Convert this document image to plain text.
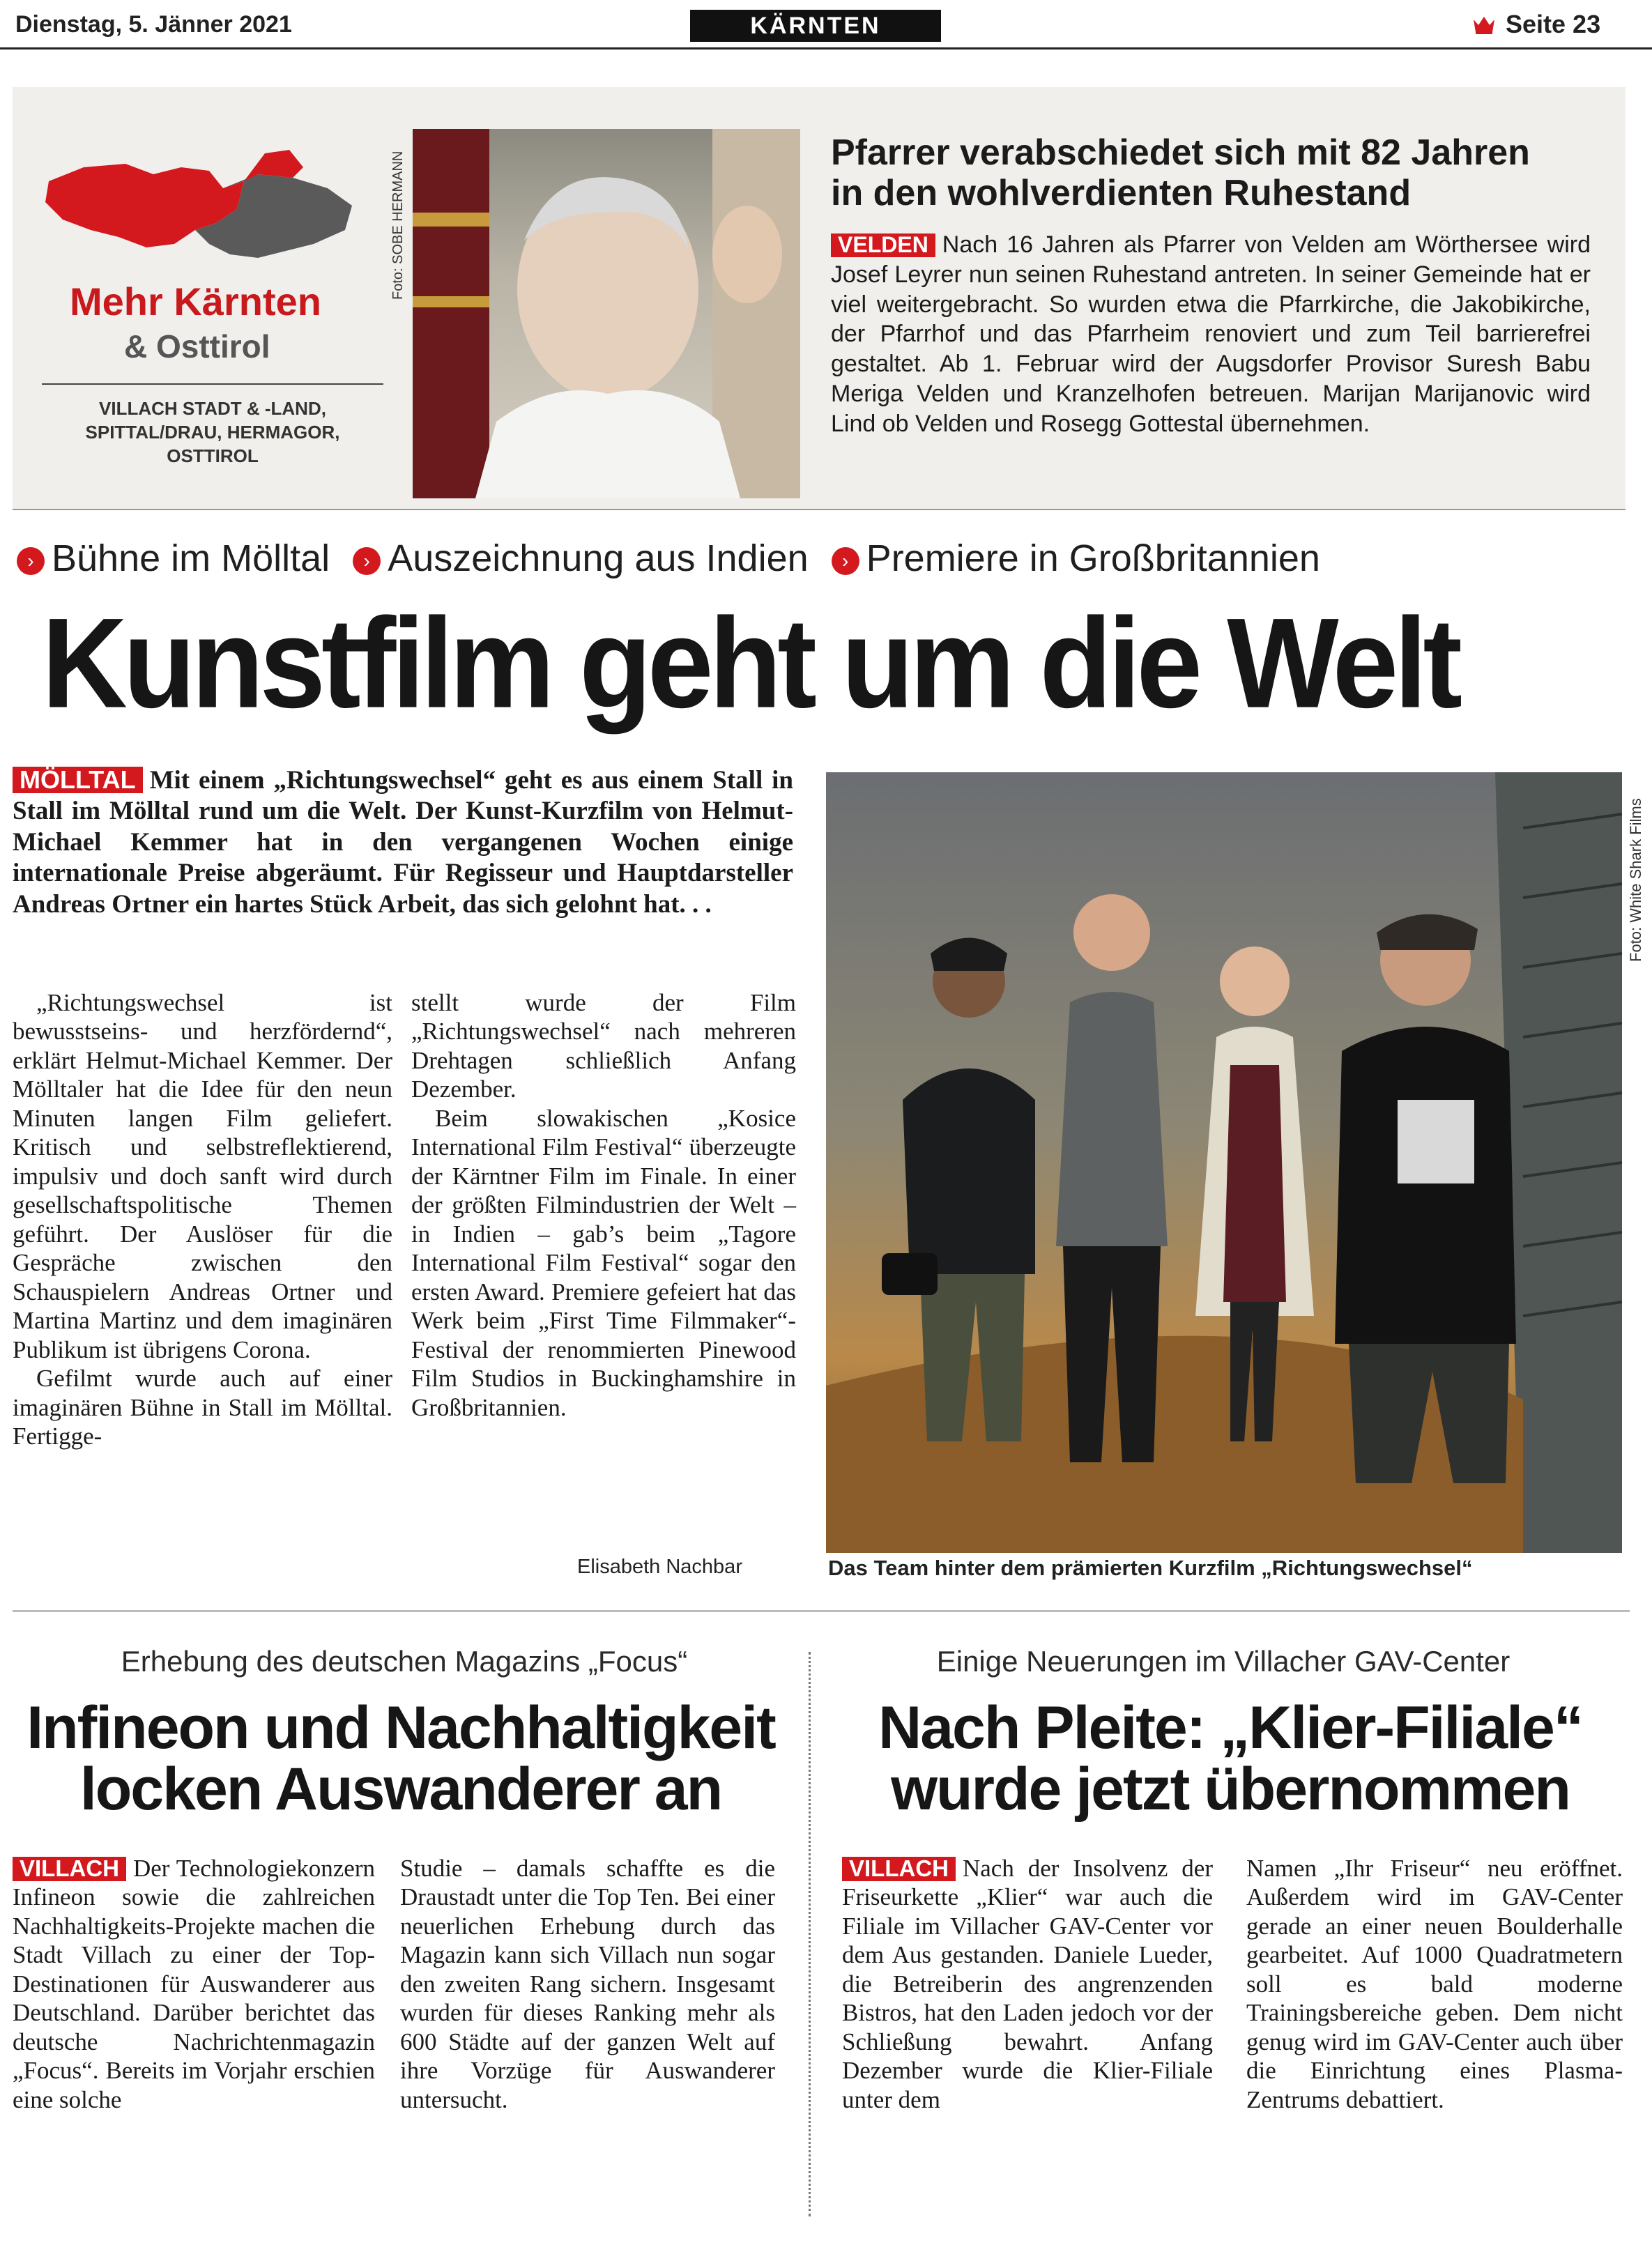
Dienstag, 5. Jänner 2021	KÄRNTEN	Seite 23
Mehr Kärnten
& Osttirol
VILLACH STADT & -LAND, SPITTAL/DRAU, HERMAGOR, OSTTIROL
Foto: SOBE HERMANN	Pfarrer verabschiedet sich mit 82 Jahren in den wohlverdienten Ruhestand
VELDEN Nach 16 Jahren als Pfarrer von Velden am Wörthersee wird Josef Leyrer nun seinen Ruhestand antreten. In seiner Gemeinde hat er viel weitergebracht. So wurden etwa die Pfarrkirche, die Jakobikirche, der Pfarrhof und das Pfarrheim renoviert und zum Teil barrierefrei gestaltet. Ab 1. Februar wird der Augsdorfer Provisor Suresh Babu Meriga Velden und Kranzelhofen betreuen. Marijan Marijanovic wird Lind ob Velden und Rosegg Gottestal übernehmen.
› Bühne im Mölltal › Auszeichnung aus Indien › Premiere in Großbritannien
Kunstfilm geht um die Welt
MÖLLTAL Mit einem „Richtungswechsel“ geht es aus einem Stall in Stall im Mölltal rund um die Welt. Der Kunst-Kurzfilm von Helmut-Michael Kemmer hat in den vergangenen Wochen einige internationale Preise abgeräumt. Für Regisseur und Hauptdarsteller Andreas Ortner ein hartes Stück Arbeit, das sich gelohnt hat. . .

„Richtungswechsel ist bewusstseins- und herzfördernd“, erklärt Helmut-Michael Kemmer. Der Mölltaler hat die Idee für den neun Minuten langen Film geliefert. Kritisch und selbstreflektierend, impulsiv und doch sanft wird durch gesellschaftspolitische Themen geführt. Der Auslöser für die Gespräche zwischen den Schauspielern Andreas Ortner und Martina Martinz und dem imaginären Publikum ist übrigens Corona.

Gefilmt wurde auch auf einer imaginären Bühne in Stall im Mölltal. Fertigge-

stellt wurde der Film „Richtungswechsel“ nach mehreren Drehtagen schließlich Anfang Dezember.

Beim slowakischen „Kosice International Film Festival“ überzeugte der Kärntner Film im Finale. In einer der größten Filmindustrien der Welt – in Indien – gab’s beim „Tagore International Film Festival“ sogar den ersten Award. Premiere gefeiert hat das Werk beim „First Time Filmmaker“-Festival der renommierten Pinewood Film Studios in Buckinghamshire in Großbritannien.

Elisabeth Nachbar
Foto: White Shark Films
Das Team hinter dem prämierten Kurzfilm „Richtungswechsel“
Erhebung des deutschen Magazins „Focus“
Infineon und Nachhaltigkeit locken Auswanderer an
VILLACH Der Technologiekonzern Infineon sowie die zahlreichen Nachhaltigkeits-Projekte machen die Stadt Villach zu einer der Top-Destinationen für Auswanderer aus Deutschland. Darüber berichtet das deutsche Nachrichtenmagazin „Focus“. Bereits im Vorjahr erschien eine solche
Studie – damals schaffte es die Draustadt unter die Top Ten. Bei einer neuerlichen Erhebung durch das Magazin kann sich Villach nun sogar den zweiten Rang sichern. Insgesamt wurden für dieses Ranking mehr als 600 Städte auf der ganzen Welt auf ihre Vorzüge für Auswanderer untersucht.
Einige Neuerungen im Villacher GAV-Center
Nach Pleite: „Klier-Filiale“ wurde jetzt übernommen
VILLACH Nach der Insolvenz der Friseurkette „Klier“ war auch die Filiale im Villacher GAV-Center vor dem Aus gestanden. Daniele Lueder, die Betreiberin des angrenzenden Bistros, hat den Laden jedoch vor der Schließung bewahrt. Anfang Dezember wurde die Klier-Filiale unter dem
Namen „Ihr Friseur“ neu eröffnet. Außerdem wird im GAV-Center gerade an einer neuen Boulderhalle gearbeitet. Auf 1000 Quadratmetern soll es bald moderne Trainingsbereiche geben. Dem nicht genug wird im GAV-Center auch über die Einrichtung eines Plasma-Zentrums debattiert.
